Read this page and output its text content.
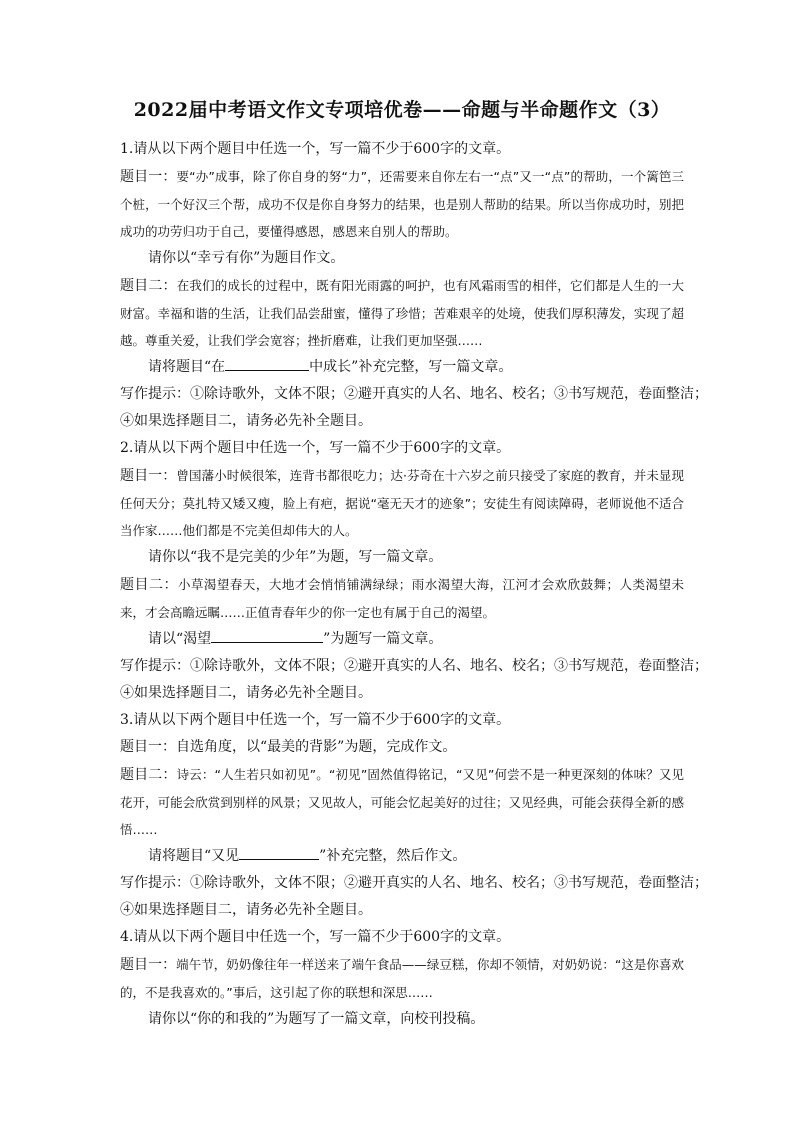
2022届中考语文作文专项培优卷——命题与半命题作文（3）

1.请从以下两个题目中任选一个，写一篇不少于600字的文章。

题目一：要“办”成事，除了你自身的努“力”，还需要来自你左右一“点”又一“点”的帮助，一个篱笆三个桩，一个好汉三个帮，成功不仅是你自身努力的结果，也是别人帮助的结果。所以当你成功时，别把成功的功劳归功于自己，要懂得感恩，感恩来自别人的帮助。

请你以“幸亏有你”为题目作文。

题目二：在我们的成长的过程中，既有阳光雨露的呵护，也有风霜雨雪的相伴，它们都是人生的一大财富。幸福和谐的生活，让我们品尝甜蜜，懂得了珍惜；苦难艰辛的处境，使我们厚积薄发，实现了超越。尊重关爱，让我们学会宽容；挫折磨难，让我们更加坚强……

请将题目“在	中成长”补充完整，写一篇文章。

写作提示：①除诗歌外，文体不限；②避开真实的人名、地名、校名；③书写规范，卷面整洁；

④如果选择题目二，请务必先补全题目。

2.请从以下两个题目中任选一个，写一篇不少于600字的文章。

题目一：曾国藩小时候很笨，连背书都很吃力；达·芬奇在十六岁之前只接受了家庭的教育，并未显现任何天分；莫扎特又矮又瘦，脸上有疤，据说“毫无天才的迹象”；安徒生有阅读障碍，老师说他不适合当作家……他们都是不完美但却伟大的人。

请你以“我不是完美的少年”为题，写一篇文章。

题目二：小草渴望春天，大地才会悄悄铺满绿绿；雨水渴望大海，江河才会欢欣鼓舞；人类渴望未来，才会高瞻远瞩……正值青春年少的你一定也有属于自己的渴望。

请以“渴望	”为题写一篇文章。

写作提示：①除诗歌外，文体不限；②避开真实的人名、地名、校名；③书写规范，卷面整洁；

④如果选择题目二，请务必先补全题目。

3.请从以下两个题目中任选一个，写一篇不少于600字的文章。

题目一：自选角度，以“最美的背影”为题，完成作文。

题目二：诗云：“人生若只如初见”。“初见”固然值得铭记，“又见”何尝不是一种更深刻的体味？又见花开，可能会欣赏到别样的风景；又见故人，可能会忆起美好的过往；又见经典，可能会获得全新的感悟……

请将题目“又见	”补充完整，然后作文。

写作提示：①除诗歌外，文体不限；②避开真实的人名、地名、校名；③书写规范，卷面整洁；

④如果选择题目二，请务必先补全题目。

4.请从以下两个题目中任选一个，写一篇不少于600字的文章。

题目一：端午节，奶奶像往年一样送来了端午食品——绿豆糕，你却不领情，对奶奶说：“这是你喜欢的，不是我喜欢的。”事后，这引起了你的联想和深思……

请你以“你的和我的”为题写了一篇文章，向校刊投稿。
